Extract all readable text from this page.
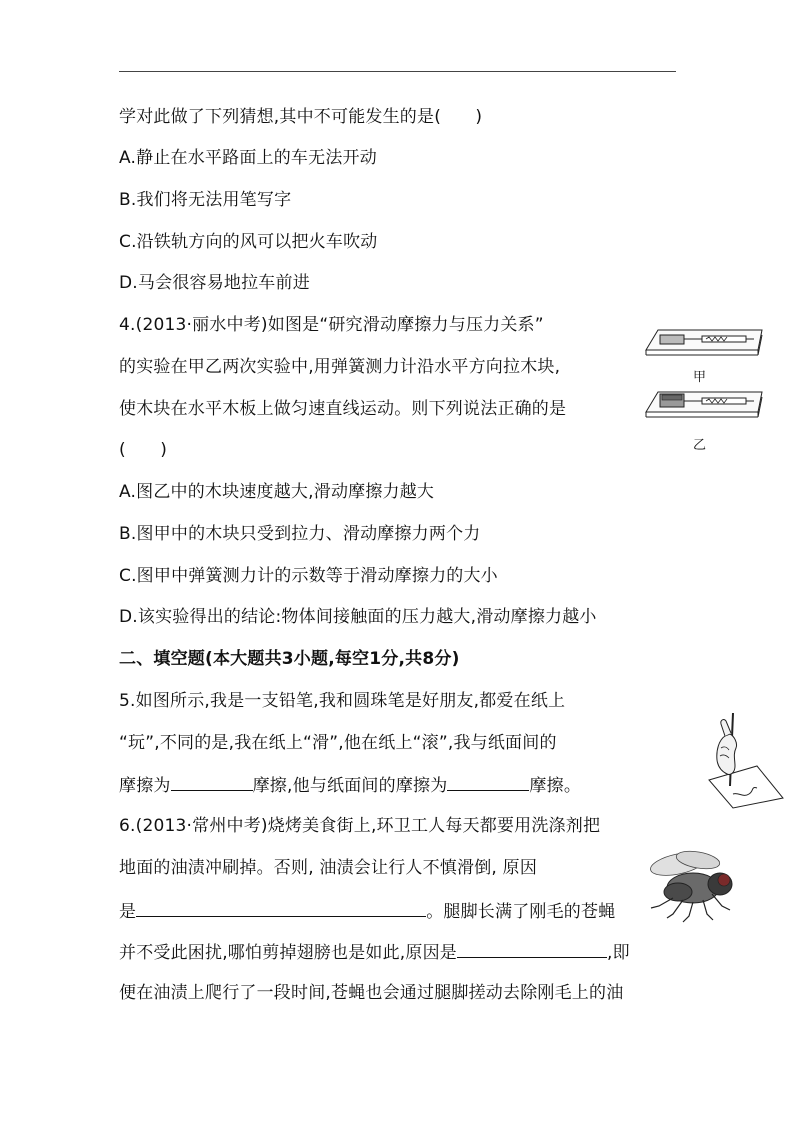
学对此做了下列猜想,其中不可能发生的是(　　)
A.静止在水平路面上的车无法开动
B.我们将无法用笔写字
C.沿铁轨方向的风可以把火车吹动
D.马会很容易地拉车前进
4.(2013·丽水中考)如图是“研究滑动摩擦力与压力关系”
的实验在甲乙两次实验中,用弹簧测力计沿水平方向拉木块,
使木块在水平木板上做匀速直线运动。则下列说法正确的是
(　　)
A.图乙中的木块速度越大,滑动摩擦力越大
B.图甲中的木块只受到拉力、滑动摩擦力两个力
C.图甲中弹簧测力计的示数等于滑动摩擦力的大小
D.该实验得出的结论:物体间接触面的压力越大,滑动摩擦力越小
二、填空题(本大题共3小题,每空1分,共8分)
5.如图所示,我是一支铅笔,我和圆珠笔是好朋友,都爱在纸上
“玩”,不同的是,我在纸上“滑”,他在纸上“滚”,我与纸面间的
摩擦为	摩擦,他与纸面间的摩擦为	摩擦。
6.(2013·常州中考)烧烤美食街上,环卫工人每天都要用洗涤剂把
地面的油渍冲刷掉。否则, 油渍会让行人不慎滑倒, 原因
是	。腿脚长满了刚毛的苍蝇
并不受此困扰,哪怕剪掉翅膀也是如此,原因是	,即
便在油渍上爬行了一段时间,苍蝇也会通过腿脚搓动去除刚毛上的油
甲
乙
